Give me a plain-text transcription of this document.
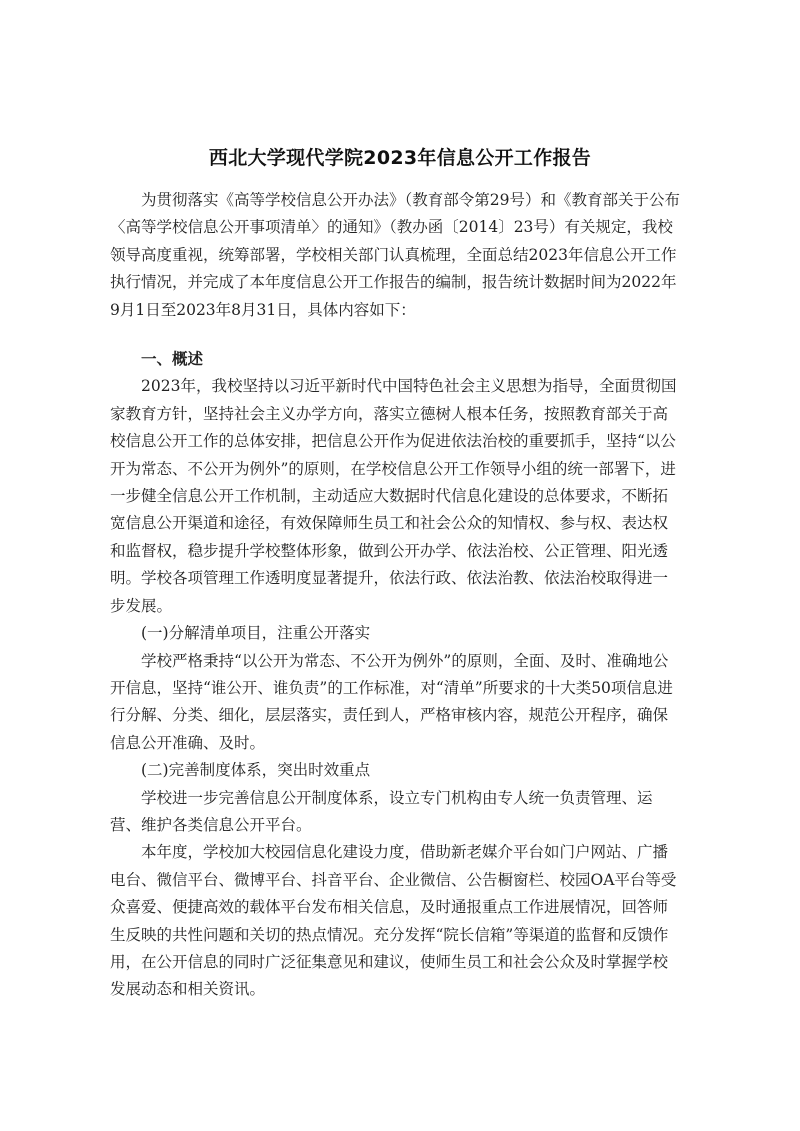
西北大学现代学院2023年信息公开工作报告

为贯彻落实《高等学校信息公开办法》（教育部令第29号）和《教育部关于公布〈高等学校信息公开事项清单〉的通知》（教办函〔2014〕23号）有关规定，我校领导高度重视，统筹部署，学校相关部门认真梳理，全面总结2023年信息公开工作执行情况，并完成了本年度信息公开工作报告的编制，报告统计数据时间为2022年9月1日至2023年8月31日，具体内容如下：

一、概述

2023年，我校坚持以习近平新时代中国特色社会主义思想为指导，全面贯彻国家教育方针，坚持社会主义办学方向，落实立德树人根本任务，按照教育部关于高校信息公开工作的总体安排，把信息公开作为促进依法治校的重要抓手，坚持“以公开为常态、不公开为例外”的原则，在学校信息公开工作领导小组的统一部署下，进一步健全信息公开工作机制，主动适应大数据时代信息化建设的总体要求，不断拓宽信息公开渠道和途径，有效保障师生员工和社会公众的知情权、参与权、表达权和监督权，稳步提升学校整体形象，做到公开办学、依法治校、公正管理、阳光透明。学校各项管理工作透明度显著提升，依法行政、依法治教、依法治校取得进一步发展。

(一)分解清单项目，注重公开落实

学校严格秉持“以公开为常态、不公开为例外”的原则，全面、及时、准确地公开信息，坚持“谁公开、谁负责”的工作标准，对“清单”所要求的十大类50项信息进行分解、分类、细化，层层落实，责任到人，严格审核内容，规范公开程序，确保信息公开准确、及时。

(二)完善制度体系，突出时效重点

学校进一步完善信息公开制度体系，设立专门机构由专人统一负责管理、运营、维护各类信息公开平台。

本年度，学校加大校园信息化建设力度，借助新老媒介平台如门户网站、广播电台、微信平台、微博平台、抖音平台、企业微信、公告橱窗栏、校园OA平台等受众喜爱、便捷高效的载体平台发布相关信息，及时通报重点工作进展情况，回答师生反映的共性问题和关切的热点情况。充分发挥“院长信箱”等渠道的监督和反馈作用，在公开信息的同时广泛征集意见和建议，使师生员工和社会公众及时掌握学校发展动态和相关资讯。
